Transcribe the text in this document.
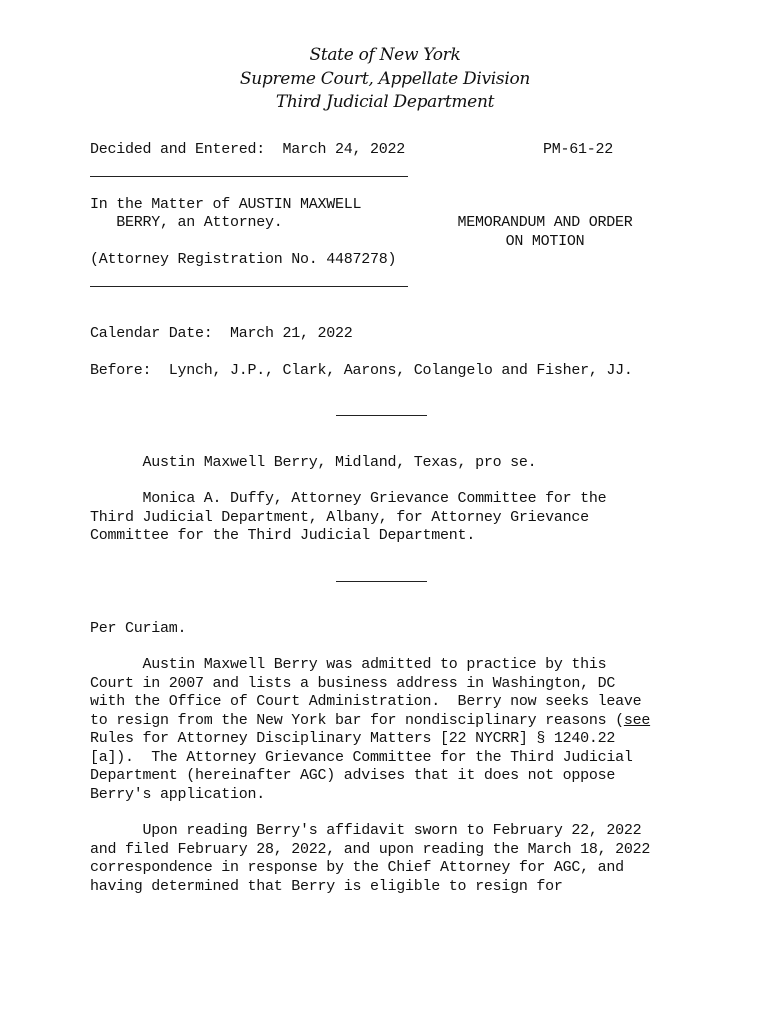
State of New York
Supreme Court, Appellate Division
Third Judicial Department
Decided and Entered:  March 24, 2022	PM-61-22
In the Matter of AUSTIN MAXWELL
BERRY, an Attorney.	MEMORANDUM AND ORDER
ON MOTION
(Attorney Registration No. 4487278)
Calendar Date:  March 21, 2022
Before:  Lynch, J.P., Clark, Aarons, Colangelo and Fisher, JJ.
Austin Maxwell Berry, Midland, Texas, pro se.
Monica A. Duffy, Attorney Grievance Committee for the
Third Judicial Department, Albany, for Attorney Grievance
Committee for the Third Judicial Department.
Per Curiam.
Austin Maxwell Berry was admitted to practice by this
Court in 2007 and lists a business address in Washington, DC
with the Office of Court Administration.  Berry now seeks leave
to resign from the New York bar for nondisciplinary reasons (see
Rules for Attorney Disciplinary Matters [22 NYCRR] § 1240.22
[a]).  The Attorney Grievance Committee for the Third Judicial
Department (hereinafter AGC) advises that it does not oppose
Berry's application.
Upon reading Berry's affidavit sworn to February 22, 2022
and filed February 28, 2022, and upon reading the March 18, 2022
correspondence in response by the Chief Attorney for AGC, and
having determined that Berry is eligible to resign for
